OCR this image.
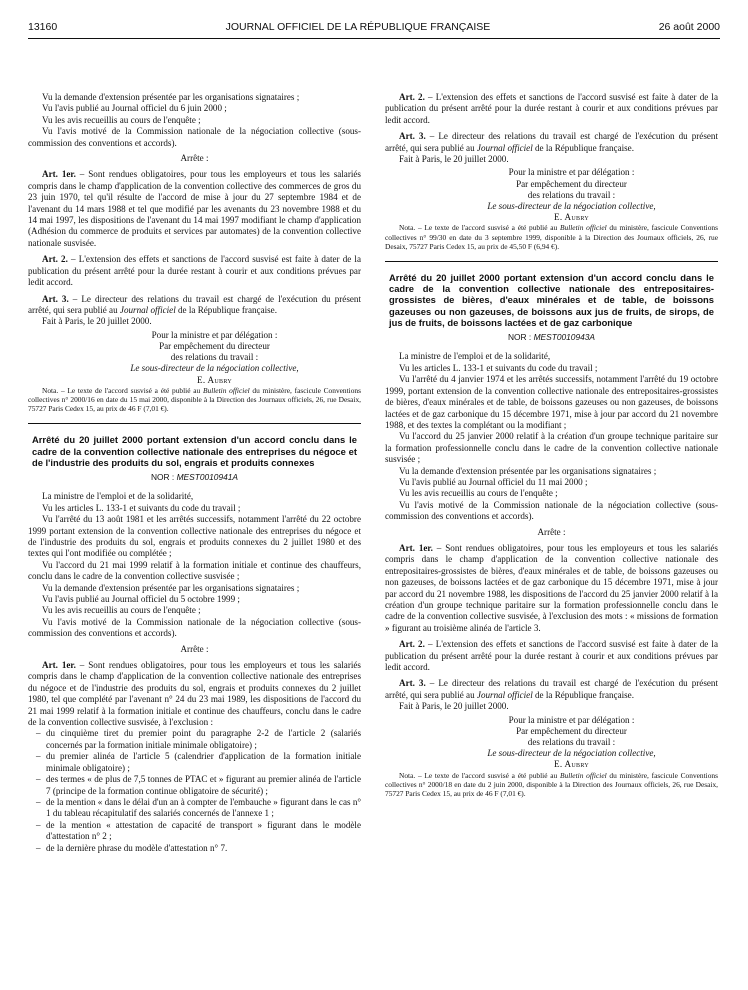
13160	JOURNAL OFFICIEL DE LA RÉPUBLIQUE FRANÇAISE	26 août 2000

Vu la demande d'extension présentée par les organisations signataires ;

Vu l'avis publié au Journal officiel du 6 juin 2000 ;

Vu les avis recueillis au cours de l'enquête ;

Vu l'avis motivé de la Commission nationale de la négociation collective (sous-commission des conventions et accords).

Arrête :

Art. 1er. – Sont rendues obligatoires, pour tous les employeurs et tous les salariés compris dans le champ d'application de la convention collective des commerces de gros du 23 juin 1970, tel qu'il résulte de l'accord de mise à jour du 27 septembre 1984 et de l'avenant du 14 mars 1988 et tel que modifié par les avenants du 23 novembre 1988 et du 14 mai 1997, les dispositions de l'avenant du 14 mai 1997 modifiant le champ d'application (Adhésion du commerce de produits et services par automates) de la convention collective nationale susvisée.

Art. 2. – L'extension des effets et sanctions de l'accord susvisé est faite à dater de la publication du présent arrêté pour la durée restant à courir et aux conditions prévues par ledit accord.

Art. 3. – Le directeur des relations du travail est chargé de l'exécution du présent arrêté, qui sera publié au Journal officiel de la République française.

Fait à Paris, le 20 juillet 2000.

Pour la ministre et par délégation :
Par empêchement du directeur
des relations du travail :
Le sous-directeur de la négociation collective,
E. Aubry

Nota. – Le texte de l'accord susvisé a été publié au Bulletin officiel du ministère, fascicule Conventions collectives n° 2000/16 en date du 15 mai 2000, disponible à la Direction des Journaux officiels, 26, rue Desaix, 75727 Paris Cedex 15, au prix de 46 F (7,01 €).

Arrêté du 20 juillet 2000 portant extension d'un accord conclu dans le cadre de la convention collective nationale des entreprises du négoce et de l'industrie des produits du sol, engrais et produits connexes
NOR : MEST0010941A

La ministre de l'emploi et de la solidarité,

Vu les articles L. 133-1 et suivants du code du travail ;

Vu l'arrêté du 13 août 1981 et les arrêtés successifs, notamment l'arrêté du 22 octobre 1999 portant extension de la convention collective nationale des entreprises du négoce et de l'industrie des produits du sol, engrais et produits connexes du 2 juillet 1980 et des textes qui l'ont modifiée ou complétée ;

Vu l'accord du 21 mai 1999 relatif à la formation initiale et continue des chauffeurs, conclu dans le cadre de la convention collective susvisée ;

Vu la demande d'extension présentée par les organisations signataires ;

Vu l'avis publié au Journal officiel du 5 octobre 1999 ;

Vu les avis recueillis au cours de l'enquête ;

Vu l'avis motivé de la Commission nationale de la négociation collective (sous-commission des conventions et accords).

Arrête :

Art. 1er. – Sont rendues obligatoires, pour tous les employeurs et tous les salariés compris dans le champ d'application de la convention collective nationale des entreprises du négoce et de l'industrie des produits du sol, engrais et produits connexes du 2 juillet 1980, tel que complété par l'avenant n° 24 du 23 mai 1989, les dispositions de l'accord du 21 mai 1999 relatif à la formation initiale et continue des chauffeurs, conclu dans le cadre de la convention collective susvisée, à l'exclusion :

– du cinquième tiret du premier point du paragraphe 2-2 de l'article 2 (salariés concernés par la formation initiale minimale obligatoire) ;
– du premier alinéa de l'article 5 (calendrier d'application de la formation initiale minimale obligatoire) ;
– des termes « de plus de 7,5 tonnes de PTAC et » figurant au premier alinéa de l'article 7 (principe de la formation continue obligatoire de sécurité) ;
– de la mention « dans le délai d'un an à compter de l'embauche » figurant dans le cas n° 1 du tableau récapitulatif des salariés concernés de l'annexe 1 ;
– de la mention « attestation de capacité de transport » figurant dans le modèle d'attestation n° 2 ;
– de la dernière phrase du modèle d'attestation n° 7.

Art. 2. – L'extension des effets et sanctions de l'accord susvisé est faite à dater de la publication du présent arrêté pour la durée restant à courir et aux conditions prévues par ledit accord.

Art. 3. – Le directeur des relations du travail est chargé de l'exécution du présent arrêté, qui sera publié au Journal officiel de la République française.

Fait à Paris, le 20 juillet 2000.

Pour la ministre et par délégation :
Par empêchement du directeur
des relations du travail :
Le sous-directeur de la négociation collective,
E. Aubry

Nota. – Le texte de l'accord susvisé a été publié au Bulletin officiel du ministère, fascicule Conventions collectives n° 99/30 en date du 3 septembre 1999, disponible à la Direction des Journaux officiels, 26, rue Desaix, 75727 Paris Cedex 15, au prix de 45,50 F (6,94 €).

Arrêté du 20 juillet 2000 portant extension d'un accord conclu dans le cadre de la convention collective nationale des entrepositaires-grossistes de bières, d'eaux minérales et de table, de boissons gazeuses ou non gazeuses, de boissons aux jus de fruits, de sirops, de jus de fruits, de boissons lactées et de gaz carbonique
NOR : MEST0010943A

La ministre de l'emploi et de la solidarité,

Vu les articles L. 133-1 et suivants du code du travail ;

Vu l'arrêté du 4 janvier 1974 et les arrêtés successifs, notamment l'arrêté du 19 octobre 1999, portant extension de la convention collective nationale des entrepositaires-grossistes de bières, d'eaux minérales et de table, de boissons gazeuses ou non gazeuses, de boissons lactées et de gaz carbonique du 15 décembre 1971, mise à jour par accord du 21 novembre 1988, et des textes la complétant ou la modifiant ;

Vu l'accord du 25 janvier 2000 relatif à la création d'un groupe technique paritaire sur la formation professionnelle conclu dans le cadre de la convention collective nationale susvisée ;

Vu la demande d'extension présentée par les organisations signataires ;

Vu l'avis publié au Journal officiel du 11 mai 2000 ;

Vu les avis recueillis au cours de l'enquête ;

Vu l'avis motivé de la Commission nationale de la négociation collective (sous-commission des conventions et accords).

Arrête :

Art. 1er. – Sont rendues obligatoires, pour tous les employeurs et tous les salariés compris dans le champ d'application de la convention collective nationale des entrepositaires-grossistes de bières, d'eaux minérales et de table, de boissons gazeuses ou non gazeuses, de boissons lactées et de gaz carbonique du 15 décembre 1971, mise à jour par accord du 21 novembre 1988, les dispositions de l'accord du 25 janvier 2000 relatif à la création d'un groupe technique paritaire sur la formation professionnelle conclu dans le cadre de la convention collective susvisée, à l'exclusion des mots : « missions de formation » figurant au troisième alinéa de l'article 3.

Art. 2. – L'extension des effets et sanctions de l'accord susvisé est faite à dater de la publication du présent arrêté pour la durée restant à courir et aux conditions prévues par ledit accord.

Art. 3. – Le directeur des relations du travail est chargé de l'exécution du présent arrêté, qui sera publié au Journal officiel de la République française.

Fait à Paris, le 20 juillet 2000.

Pour la ministre et par délégation :
Par empêchement du directeur
des relations du travail :
Le sous-directeur de la négociation collective,
E. Aubry

Nota. – Le texte de l'accord susvisé a été publié au Bulletin officiel du ministère, fascicule Conventions collectives n° 2000/18 en date du 2 juin 2000, disponible à la Direction des Journaux officiels, 26, rue Desaix, 75727 Paris Cedex 15, au prix de 46 F (7,01 €).
